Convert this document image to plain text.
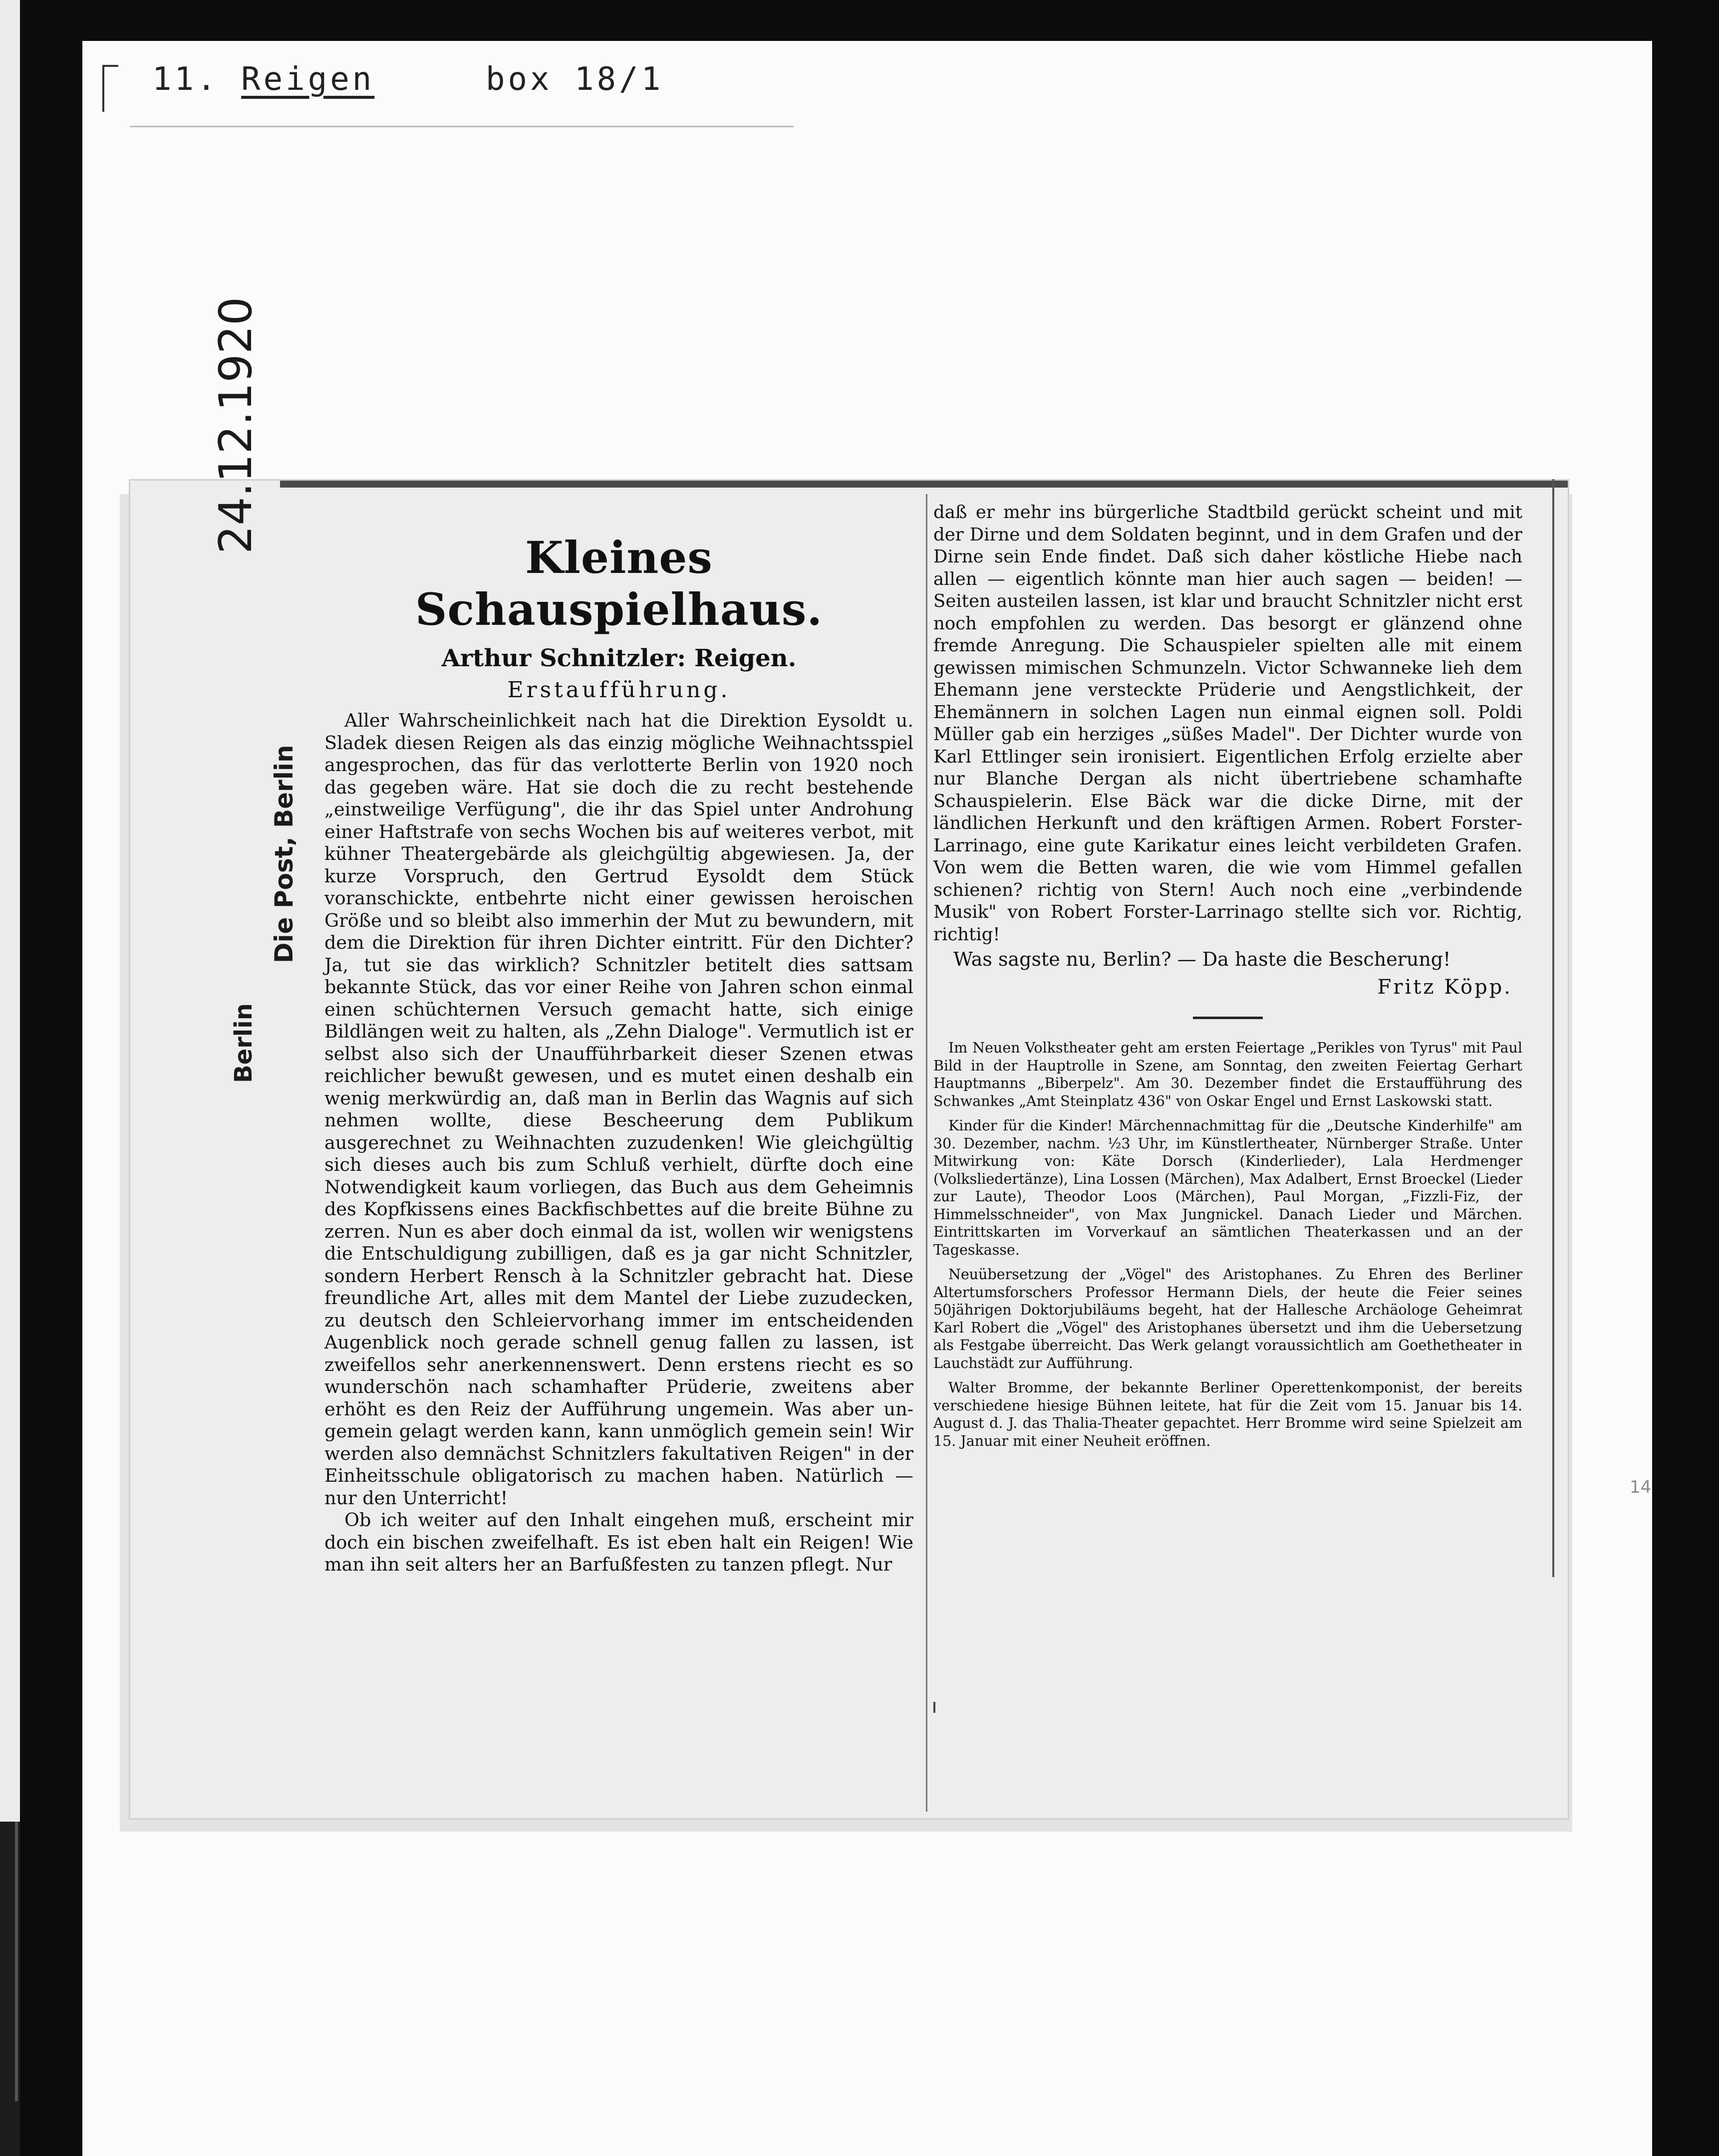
11. Reigen	box 18/1
24.12.1920
Die Post, Berlin
Berlin
Kleines Schauspielhaus.
Arthur Schnitzler: Reigen.
Erstaufführung.

Aller Wahrscheinlichkeit nach hat die Direktion Eysoldt u. Sladek diesen Reigen als das einzig mögliche Weihnachtsspiel angesprochen, das für das verlotterte Berlin von 1920 noch das gegeben wäre. Hat sie doch die zu recht bestehende „einstweilige Verfügung", die ihr das Spiel unter Androhung einer Haftstrafe von sechs Wochen bis auf weiteres verbot, mit kühner Theatergebärde als gleichgültig abgewiesen. Ja, der kurze Vorspruch, den Gertrud Eysoldt dem Stück voranschickte, entbehrte nicht einer gewissen heroischen Größe und so bleibt also immerhin der Mut zu bewundern, mit dem die Direktion für ihren Dichter eintritt. Für den Dichter? Ja, tut sie das wirklich? Schnitzler betitelt dies sattsam bekannte Stück, das vor einer Reihe von Jahren schon einmal einen schüchternen Versuch gemacht hatte, sich einige Bildlängen weit zu halten, als „Zehn Dialoge". Vermutlich ist er selbst also sich der Unaufführbarkeit dieser Szenen etwas reichlicher bewußt gewesen, und es mutet einen deshalb ein wenig merkwürdig an, daß man in Berlin das Wagnis auf sich nehmen wollte, diese Bescheerung dem Publikum ausgerechnet zu Weihnachten zuzudenken! Wie gleichgültig sich dieses auch bis zum Schluß verhielt, dürfte doch eine Notwendigkeit kaum vorliegen, das Buch aus dem Geheimnis des Kopfkissens eines Backfischbettes auf die breite Bühne zu zerren. Nun es aber doch einmal da ist, wollen wir wenigstens die Entschuldigung zubilligen, daß es ja gar nicht Schnitzler, sondern Herbert Rensch à la Schnitzler gebracht hat. Diese freundliche Art, alles mit dem Mantel der Liebe zuzudecken, zu deutsch den Schleiervorhang immer im entscheidenden Augenblick noch gerade schnell genug fallen zu lassen, ist zweifellos sehr anerkennenswert. Denn erstens riecht es so wunderschön nach schamhafter Prüderie, zweitens aber erhöht es den Reiz der Aufführung ungemein. Was aber un-gemein gelagt werden kann, kann unmöglich gemein sein! Wir werden also demnächst Schnitzlers fakultativen Reigen" in der Einheitsschule obligatorisch zu machen haben. Natürlich — nur den Unterricht!

Ob ich weiter auf den Inhalt eingehen muß, erscheint mir doch ein bischen zweifelhaft. Es ist eben halt ein Reigen! Wie man ihn seit alters her an Barfußfesten zu tanzen pflegt. Nur

daß er mehr ins bürgerliche Stadtbild gerückt scheint und mit der Dirne und dem Soldaten beginnt, und in dem Grafen und der Dirne sein Ende findet. Daß sich daher köstliche Hiebe nach allen — eigentlich könnte man hier auch sagen — beiden! — Seiten austeilen lassen, ist klar und braucht Schnitzler nicht erst noch empfohlen zu werden. Das besorgt er glänzend ohne fremde Anregung. Die Schauspieler spielten alle mit einem gewissen mimischen Schmunzeln. Victor Schwanneke lieh dem Ehemann jene versteckte Prüderie und Aengstlichkeit, der Ehemännern in solchen Lagen nun einmal eignen soll. Poldi Müller gab ein herziges „süßes Madel". Der Dichter wurde von Karl Ettlinger sein ironisiert. Eigentlichen Erfolg erzielte aber nur Blanche Dergan als nicht übertriebene schamhafte Schauspielerin. Else Bäck war die dicke Dirne, mit der ländlichen Herkunft und den kräftigen Armen. Robert Forster-Larrinago, eine gute Karikatur eines leicht verbildeten Grafen. Von wem die Betten waren, die wie vom Himmel gefallen schienen? richtig von Stern! Auch noch eine „verbindende Musik" von Robert Forster-Larrinago stellte sich vor. Richtig, richtig!

Was sagste nu, Berlin? — Da haste die Bescherung!

Fritz Köpp.

Im Neuen Volkstheater geht am ersten Feiertage „Perikles von Tyrus" mit Paul Bild in der Hauptrolle in Szene, am Sonntag, den zweiten Feiertag Gerhart Hauptmanns „Biberpelz". Am 30. Dezember findet die Erstaufführung des Schwankes „Amt Steinplatz 436" von Oskar Engel und Ernst Laskowski statt.

Kinder für die Kinder! Märchennachmittag für die „Deutsche Kinderhilfe" am 30. Dezember, nachm. ½3 Uhr, im Künstlertheater, Nürnberger Straße. Unter Mitwirkung von: Käte Dorsch (Kinderlieder), Lala Herdmenger (Volksliedertänze), Lina Lossen (Märchen), Max Adalbert, Ernst Broeckel (Lieder zur Laute), Theodor Loos (Märchen), Paul Morgan, „Fizzli-Fiz, der Himmelsschneider", von Max Jungnickel. Danach Lieder und Märchen. Eintrittskarten im Vorverkauf an sämtlichen Theaterkassen und an der Tageskasse.

Neuübersetzung der „Vögel" des Aristophanes. Zu Ehren des Berliner Altertumsforschers Professor Hermann Diels, der heute die Feier seines 50jährigen Doktorjubiläums begeht, hat der Hallesche Archäologe Geheimrat Karl Robert die „Vögel" des Aristophanes übersetzt und ihm die Uebersetzung als Festgabe überreicht. Das Werk gelangt voraussichtlich am Goethetheater in Lauchstädt zur Aufführung.

Walter Bromme, der bekannte Berliner Operettenkomponist, der bereits verschiedene hiesige Bühnen leitete, hat für die Zeit vom 15. Januar bis 14. August d. J. das Thalia-Theater gepachtet. Herr Bromme wird seine Spielzeit am 15. Januar mit einer Neuheit eröffnen.

14
